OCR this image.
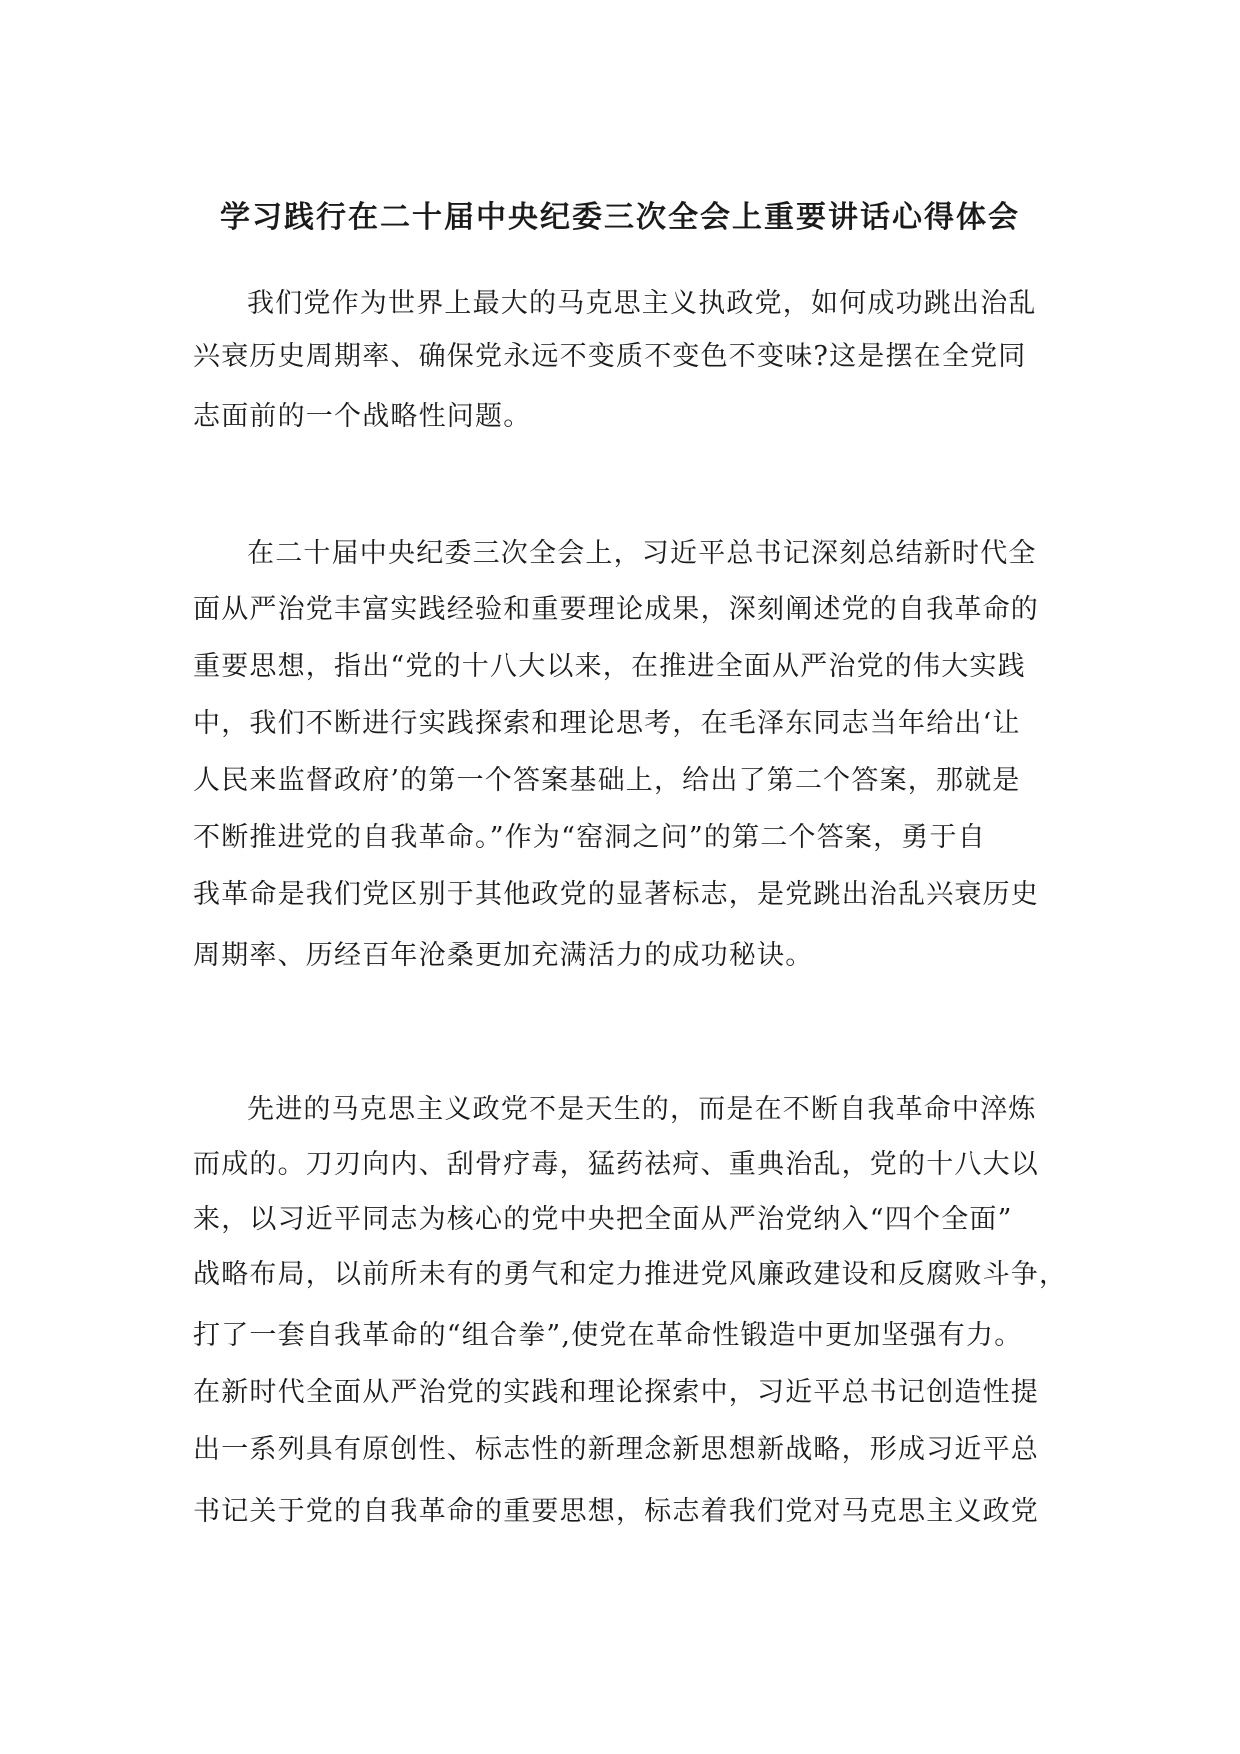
学习践行在二十届中央纪委三次全会上重要讲话心得体会

我们党作为世界上最大的马克思主义执政党，如何成功跳出治乱

兴衰历史周期率、确保党永远不变质不变色不变味?这是摆在全党同

志面前的一个战略性问题。

在二十届中央纪委三次全会上，习近平总书记深刻总结新时代全

面从严治党丰富实践经验和重要理论成果，深刻阐述党的自我革命的

重要思想，指出“党的十八大以来，在推进全面从严治党的伟大实践

中，我们不断进行实践探索和理论思考，在毛泽东同志当年给出‘让

人民来监督政府’的第一个答案基础上，给出了第二个答案，那就是

不断推进党的自我革命。”作为“窑洞之问”的第二个答案，勇于自

我革命是我们党区别于其他政党的显著标志，是党跳出治乱兴衰历史

周期率、历经百年沧桑更加充满活力的成功秘诀。

先进的马克思主义政党不是天生的，而是在不断自我革命中淬炼

而成的。刀刃向内、刮骨疗毒，猛药祛疴、重典治乱，党的十八大以

来，以习近平同志为核心的党中央把全面从严治党纳入“四个全面”

战略布局，以前所未有的勇气和定力推进党风廉政建设和反腐败斗争，

打了一套自我革命的“组合拳”,使党在革命性锻造中更加坚强有力。

在新时代全面从严治党的实践和理论探索中，习近平总书记创造性提

出一系列具有原创性、标志性的新理念新思想新战略，形成习近平总

书记关于党的自我革命的重要思想，标志着我们党对马克思主义政党
